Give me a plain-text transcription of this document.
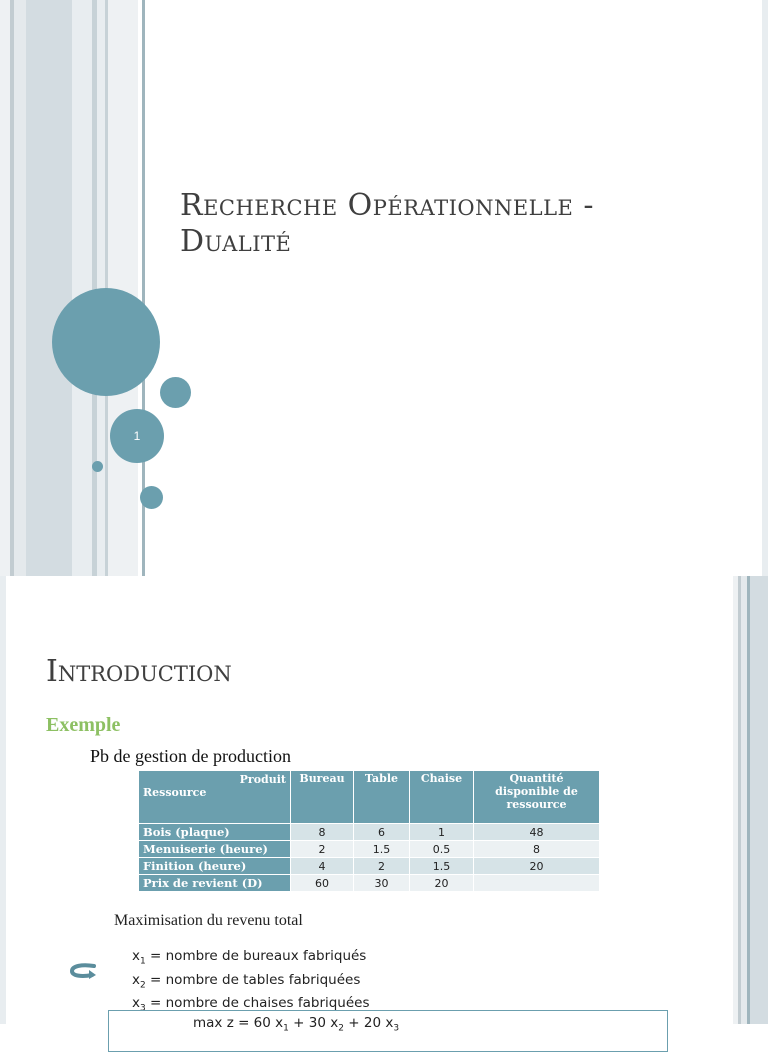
Recherche Opérationnelle -
Dualité
1
Introduction
Exemple
Pb de gestion de production
Produit
Ressource	Bureau	Table	Chaise	Quantité disponible de ressource
Bois (plaque)	8	6	1	48
Menuiserie (heure)	2	1.5	0.5	8
Finition (heure)	4	2	1.5	20
Prix de revient (D)	60	30	20	
Maximisation du revenu total
$x_1$ = nombre de bureaux fabriqués
$x_2$ = nombre de tables fabriquées
$x_3$ = nombre de chaises fabriquées
max z = 60 $x_1 + 30$ $x_2 + 20$ $x_3$
